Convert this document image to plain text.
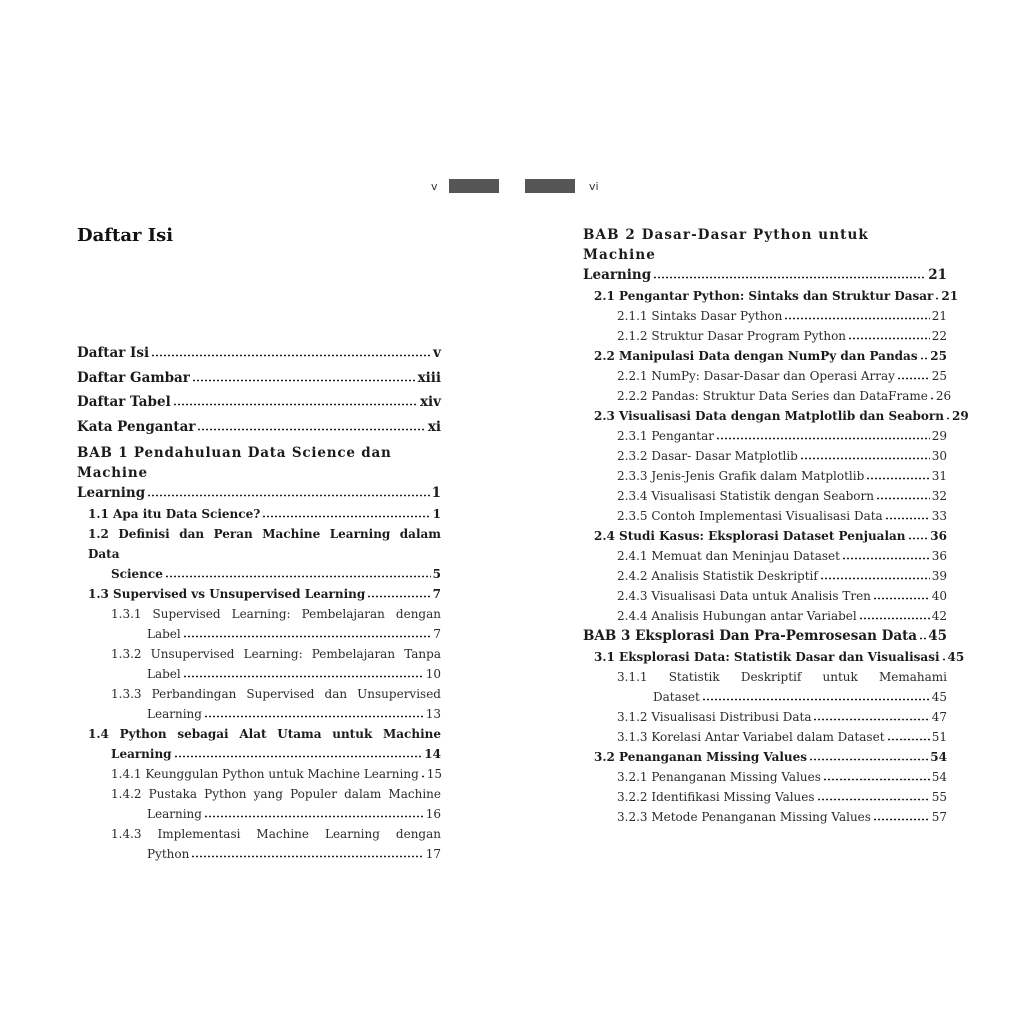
v	vi
Daftar Isi
Daftar Isi	v
Daftar Gambar	xiii
Daftar Tabel	xiv
Kata Pengantar	xi
BAB 1 Pendahuluan Data Science dan Machine
Learning	1
1.1 Apa itu Data Science?	1
1.2 Definisi dan Peran Machine Learning dalam Data
Science	5
1.3 Supervised vs Unsupervised Learning	7
1.3.1 Supervised Learning: Pembelajaran dengan
Label	7
1.3.2 Unsupervised Learning: Pembelajaran Tanpa
Label	10
1.3.3 Perbandingan Supervised dan Unsupervised
Learning	13
1.4 Python sebagai Alat Utama untuk Machine
Learning	14
1.4.1 Keunggulan Python untuk Machine Learning 15
1.4.2 Pustaka Python yang Populer dalam Machine
Learning	16
1.4.3 Implementasi Machine Learning dengan
Python	17
BAB 2 Dasar-Dasar Python untuk Machine
Learning	21
2.1 Pengantar Python: Sintaks dan Struktur Dasar 21
2.1.1 Sintaks Dasar Python	21
2.1.2 Struktur Dasar Program Python	22
2.2 Manipulasi Data dengan NumPy dan Pandas 25
2.2.1 NumPy: Dasar-Dasar dan Operasi Array	25
2.2.2 Pandas: Struktur Data Series dan DataFrame 26
2.3 Visualisasi Data dengan Matplotlib dan Seaborn 29
2.3.1 Pengantar	29
2.3.2 Dasar- Dasar Matplotlib	30
2.3.3 Jenis-Jenis Grafik dalam Matplotlib	31
2.3.4 Visualisasi Statistik dengan Seaborn	32
2.3.5 Contoh Implementasi Visualisasi Data	33
2.4 Studi Kasus: Eksplorasi Dataset Penjualan 36
2.4.1 Memuat dan Meninjau Dataset	36
2.4.2 Analisis Statistik Deskriptif	39
2.4.3 Visualisasi Data untuk Analisis Tren	40
2.4.4 Analisis Hubungan antar Variabel	42
BAB 3 Eksplorasi Dan Pra-Pemrosesan Data 45
3.1 Eksplorasi Data: Statistik Dasar dan Visualisasi 45
3.1.1 Statistik Deskriptif untuk Memahami
Dataset	45
3.1.2 Visualisasi Distribusi Data	47
3.1.3 Korelasi Antar Variabel dalam Dataset	51
3.2 Penanganan Missing Values	54
3.2.1 Penanganan Missing Values	54
3.2.2 Identifikasi Missing Values	55
3.2.3 Metode Penanganan Missing Values	57
